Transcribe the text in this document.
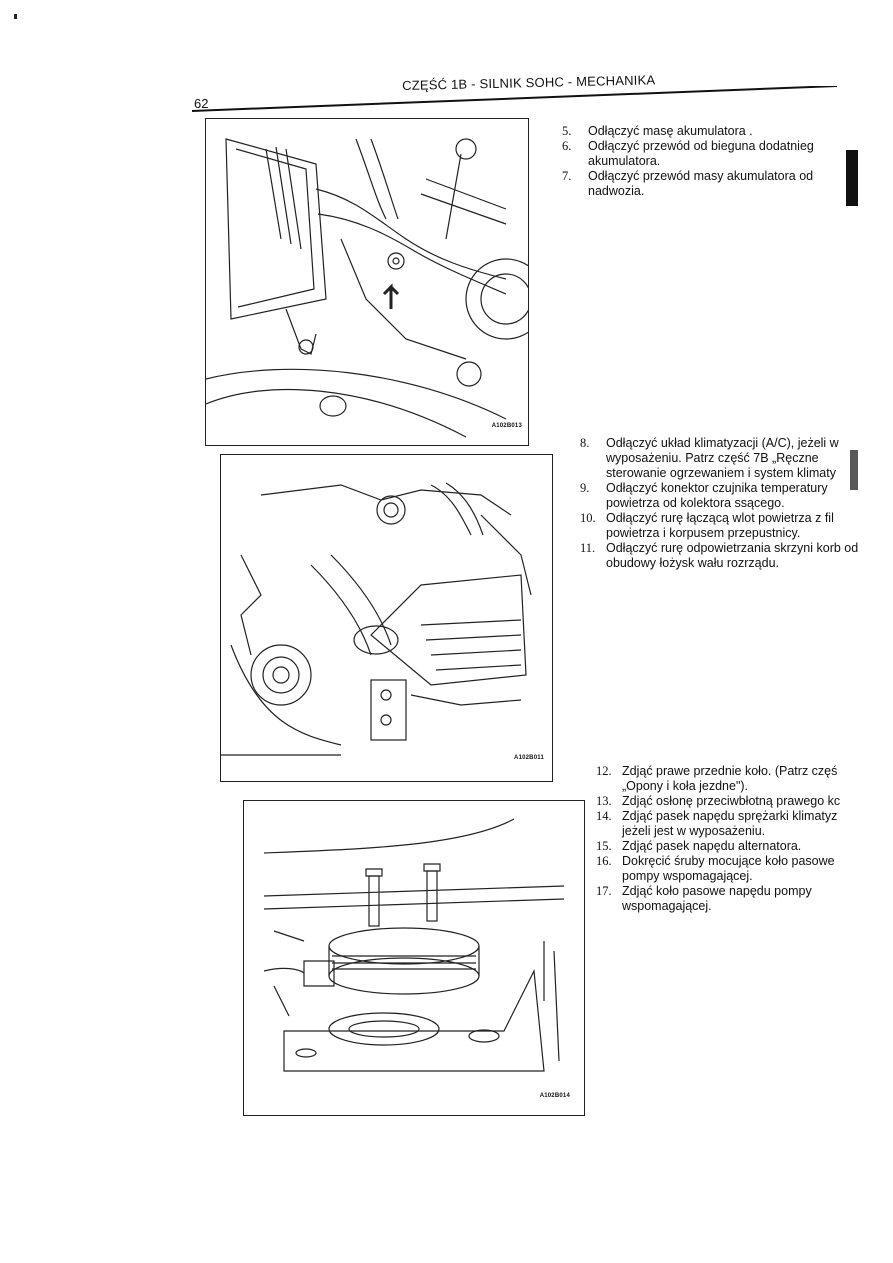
62
CZĘŚĆ 1B - SILNIK SOHC - MECHANIKA
A102B013
A102B011
A102B014
5. Odłączyć masę akumulatora .
6. Odłączyć przewód od bieguna dodatnieg akumulatora.
7. Odłączyć przewód masy akumulatora od nadwozia.
8. Odłączyć układ klimatyzacji (A/C), jeżeli w wyposażeniu. Patrz część 7B „Ręczne sterowanie ogrzewaniem i system klimaty
9. Odłączyć konektor czujnika temperatury powietrza od kolektora ssącego.
10. Odłączyć rurę łączącą wlot powietrza z fil powietrza i korpusem przepustnicy.
11. Odłączyć rurę odpowietrzania skrzyni korb od obudowy łożysk wału rozrządu.
12. Zdjąć prawe przednie koło. (Patrz częś „Opony i koła jezdne").
13. Zdjąć osłonę przeciwbłotną prawego kc
14. Zdjąć pasek napędu sprężarki klimatyz jeżeli jest w wyposażeniu.
15. Zdjąć pasek napędu alternatora.
16. Dokręcić śruby mocujące koło pasowe pompy wspomagającej.
17. Zdjąć koło pasowe napędu pompy wspomagającej.
